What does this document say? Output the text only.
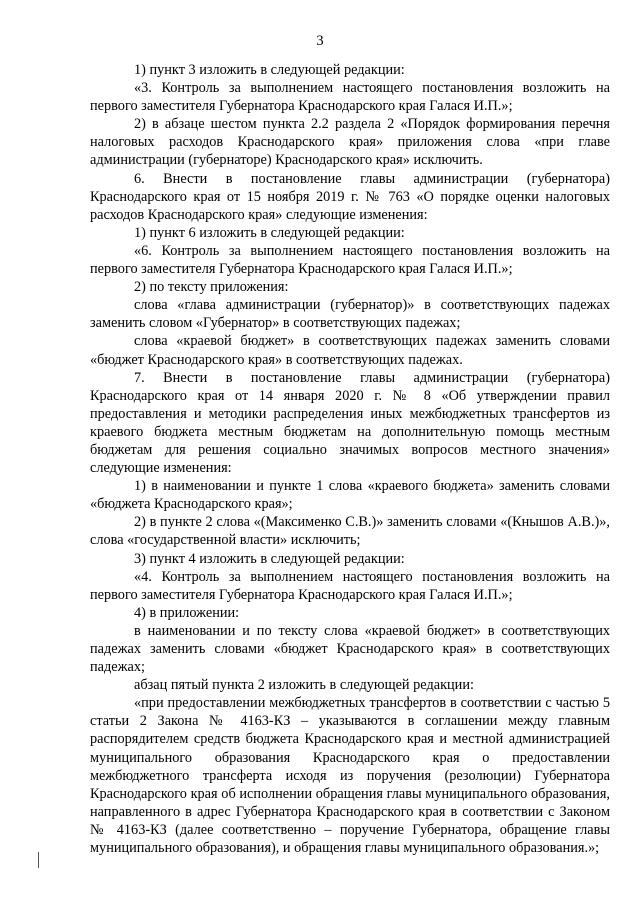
3

1) пункт 3 изложить в следующей редакции:

«3. Контроль за выполнением настоящего постановления возложить на первого заместителя Губернатора Краснодарского края Галася И.П.»;

2) в абзаце шестом пункта 2.2 раздела 2 «Порядок формирования перечня налоговых расходов Краснодарского края» приложения слова «при главе администрации (губернаторе) Краснодарского края» исключить.

6. Внести в постановление главы администрации (губернатора) Краснодарского края от 15 ноября 2019 г. № 763 «О порядке оценки налоговых расходов Краснодарского края» следующие изменения:

1) пункт 6 изложить в следующей редакции:

«6. Контроль за выполнением настоящего постановления возложить на первого заместителя Губернатора Краснодарского края Галася И.П.»;

2) по тексту приложения:

слова «глава администрации (губернатор)» в соответствующих падежах заменить словом «Губернатор» в соответствующих падежах;

слова «краевой бюджет» в соответствующих падежах заменить словами «бюджет Краснодарского края» в соответствующих падежах.

7. Внести в постановление главы администрации (губернатора) Краснодарского края от 14 января 2020 г. № 8 «Об утверждении правил предоставления и методики распределения иных межбюджетных трансфертов из краевого бюджета местным бюджетам на дополнительную помощь местным бюджетам для решения социально значимых вопросов местного значения» следующие изменения:

1) в наименовании и пункте 1 слова «краевого бюджета» заменить словами «бюджета Краснодарского края»;

2) в пункте 2 слова «(Максименко С.В.)» заменить словами «(Кнышов А.В.)», слова «государственной власти» исключить;

3) пункт 4 изложить в следующей редакции:

«4. Контроль за выполнением настоящего постановления возложить на первого заместителя Губернатора Краснодарского края Галася И.П.»;

4) в приложении:

в наименовании и по тексту слова «краевой бюджет» в соответствующих падежах заменить словами «бюджет Краснодарского края» в соответствующих падежах;

абзац пятый пункта 2 изложить в следующей редакции:

«при предоставлении межбюджетных трансфертов в соответствии с частью 5 статьи 2 Закона № 4163-КЗ – указываются в соглашении между главным распорядителем средств бюджета Краснодарского края и местной администрацией муниципального образования Краснодарского края о предоставлении межбюджетного трансферта исходя из поручения (резолюции) Губернатора Краснодарского края об исполнении обращения главы муниципального образования, направленного в адрес Губернатора Краснодарского края в соответствии с Законом № 4163-КЗ (далее соответственно – поручение Губернатора, обращение главы муниципального образования), и обращения главы муниципального образования.»;
